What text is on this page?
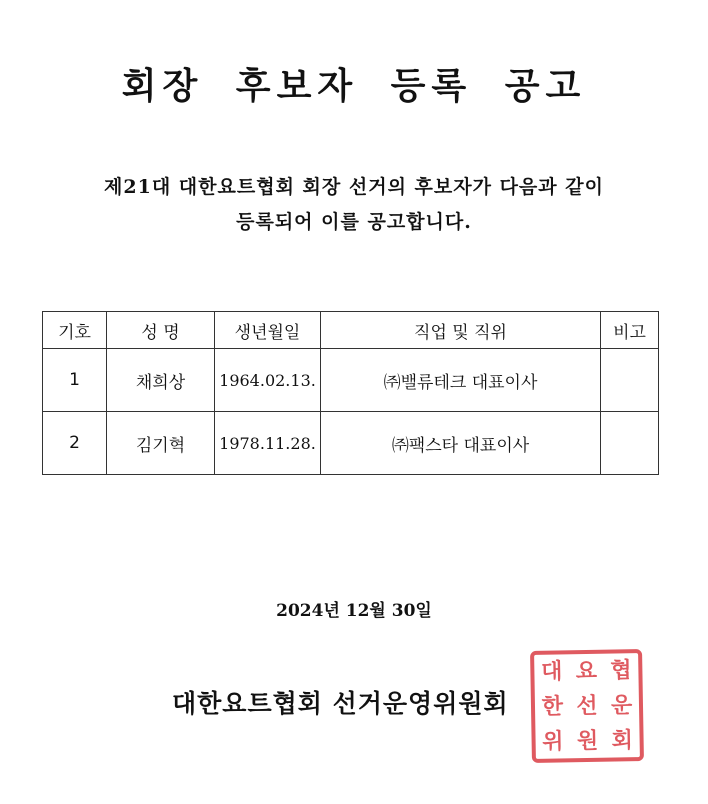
회장 후보자 등록 공고
제21대 대한요트협회 회장 선거의 후보자가 다음과 같이
등록되어 이를 공고합니다.
기호	성 명	생년월일	직업 및 직위	비고
1	채희상	1964.02.13.	㈜밸류테크 대표이사	
2	김기혁	1978.11.28.	㈜팩스타 대표이사	
2024년 12월 30일
대한요트협회 선거운영위원회
대 요 협
한 선 운
위 원 회
